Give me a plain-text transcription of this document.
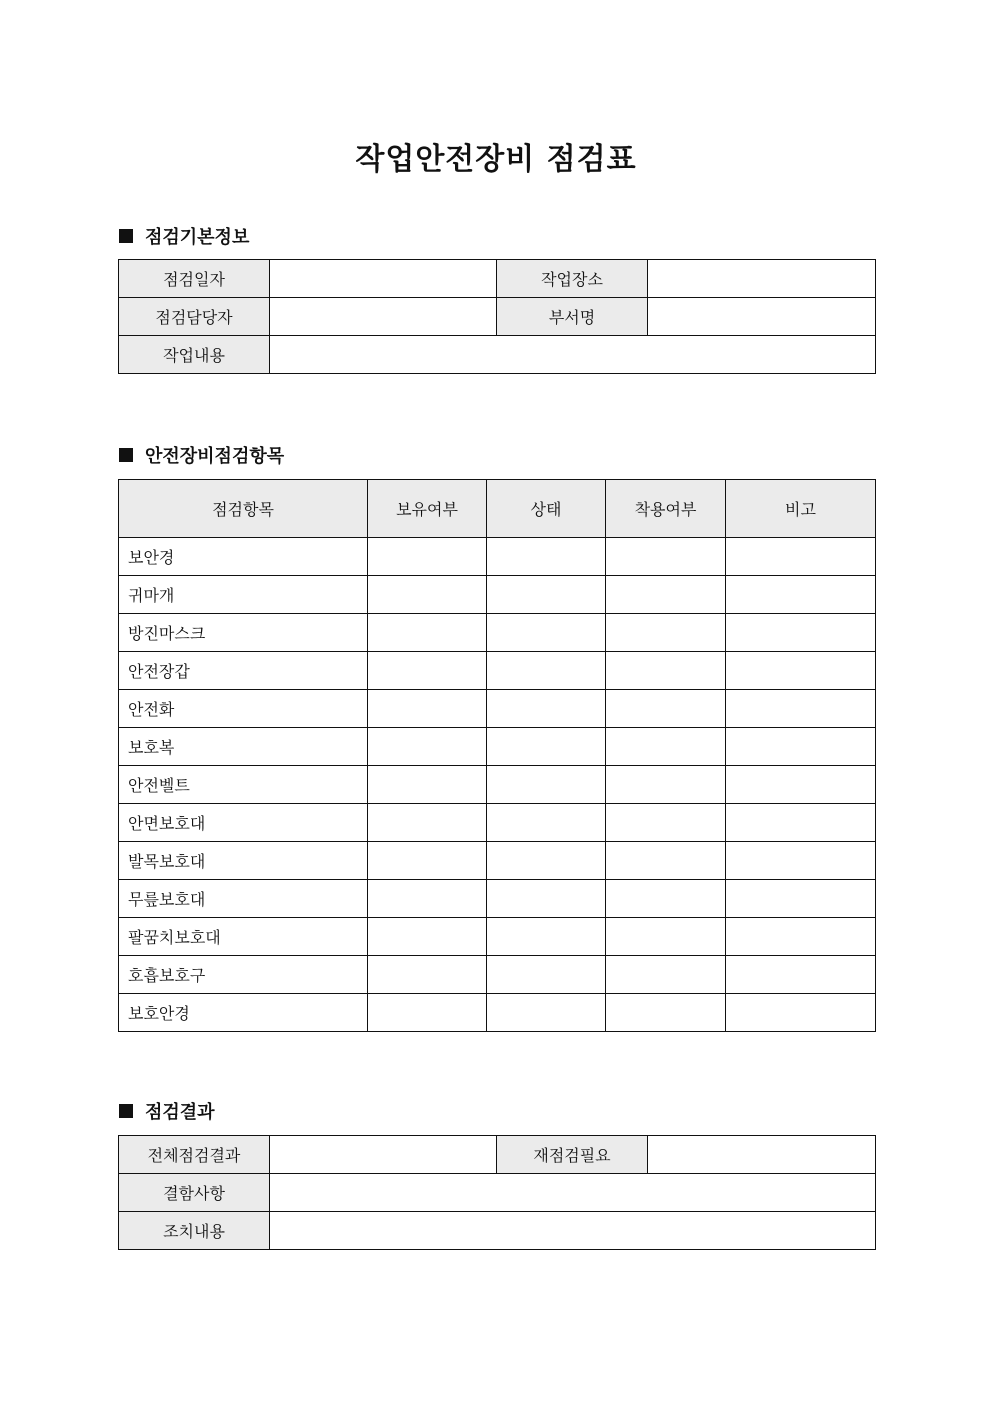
작업안전장비 점검표
점검기본정보
점검일자		작업장소	
점검담당자		부서명	
작업내용			
안전장비점검항목
점검항목	보유여부	상태	착용여부	비고
보안경				
귀마개				
방진마스크				
안전장갑				
안전화				
보호복				
안전벨트				
안면보호대				
발목보호대				
무릎보호대				
팔꿈치보호대				
호흡보호구				
보호안경				
점검결과
전체점검결과		재점검필요	
결함사항			
조치내용			
